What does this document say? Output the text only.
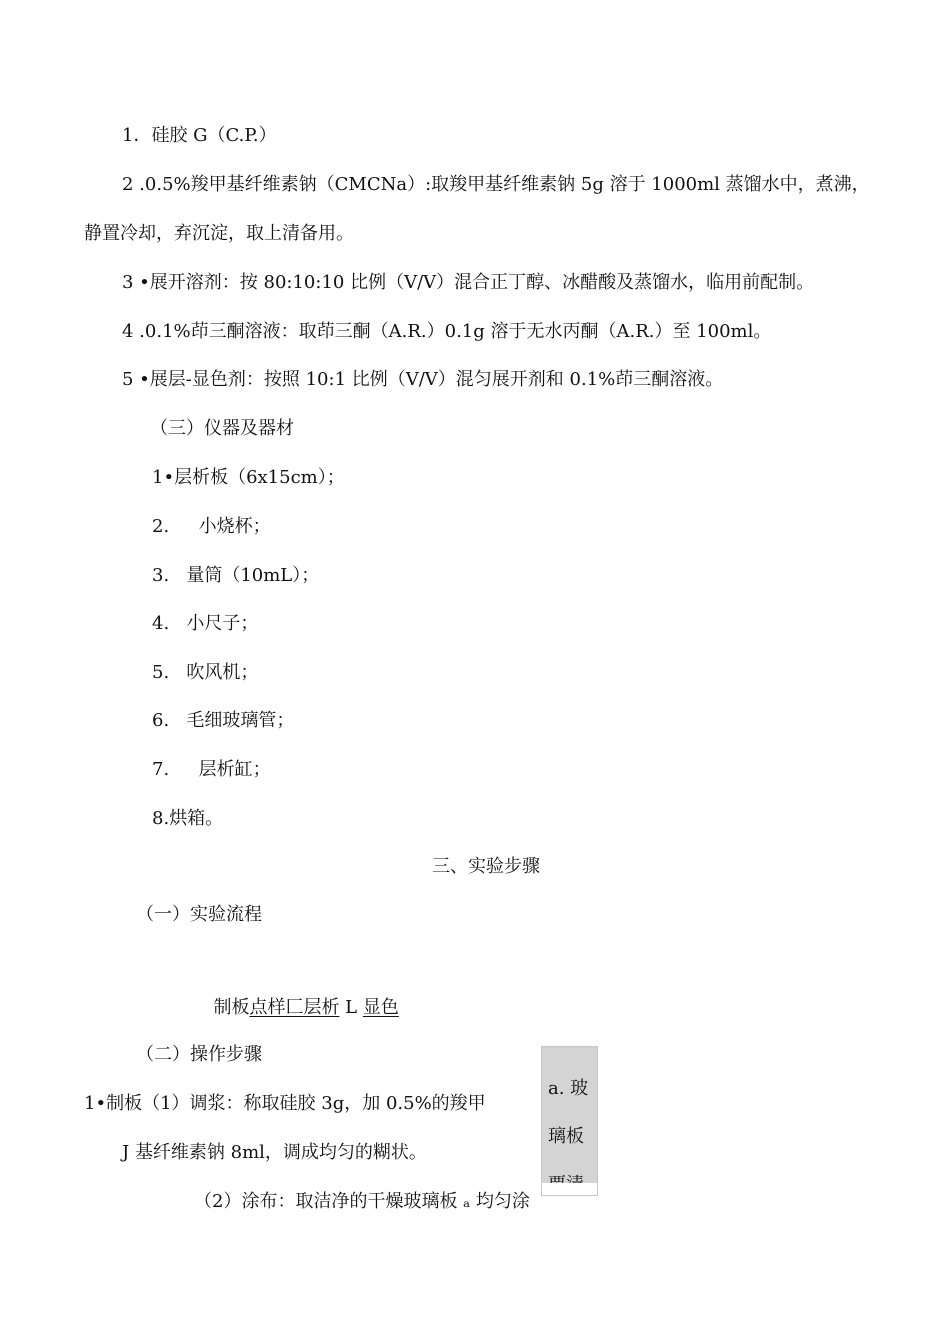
1．硅胶 G（C.P.）
2 .0.5%羧甲基纤维素钠（CMCNa）:取羧甲基纤维素钠 5g 溶于 1000ml 蒸馏水中，煮沸，
静置冷却，弃沉淀，取上清备用。
3 •展开溶剂：按 80:10:10 比例（V/V）混合正丁醇、冰醋酸及蒸馏水，临用前配制。
4 .0.1%茚三酮溶液：取茚三酮（A.R.）0.1g 溶于无水丙酮（A.R.）至 100ml。
5 •展层-显色剂：按照 10:1 比例（V/V）混匀展开剂和 0.1%茚三酮溶液。
（三）仪器及器材
1•层析板（6x15cm）；
2.　  小烧杯；
3.   量筒（10mL）；
4.   小尺子；
5.   吹风机；
6.   毛细玻璃管；
7.　  层析缸；
8.烘箱。
三、实验步骤
（一）实验流程

制板点样匚层析 L 显色

（二）操作步骤
1•制板（1）调浆：称取硅胶 3g，加 0.5%的羧甲
J 基纤维素钠 8ml，调成均匀的糊状。
（2）涂布：取洁净的干燥玻璃板 ₐ 均匀涂
a. 玻璃板
